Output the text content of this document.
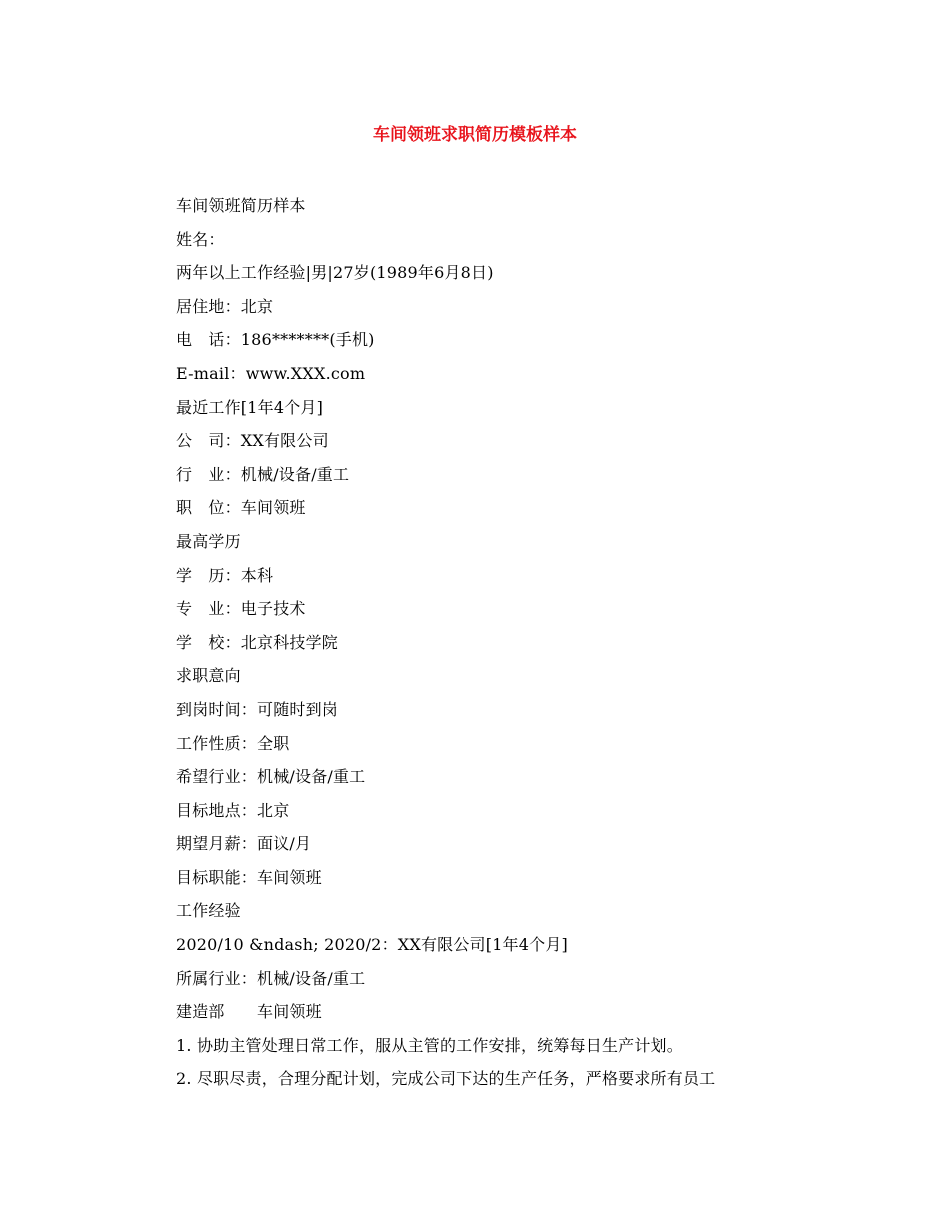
车间领班求职简历模板样本
车间领班简历样本
姓名：
两年以上工作经验|男|27岁(1989年6月8日)
居住地：北京
电　话：186*******(手机)
E-mail：www.XXX.com
最近工作[1年4个月]
公　司：XX有限公司
行　业：机械/设备/重工
职　位：车间领班
最高学历
学　历：本科
专　业：电子技术
学　校：北京科技学院
求职意向
到岗时间：可随时到岗
工作性质：全职
希望行业：机械/设备/重工
目标地点：北京
期望月薪：面议/月
目标职能：车间领班
工作经验
2020/10 &ndash; 2020/2：XX有限公司[1年4个月]
所属行业：机械/设备/重工
建造部　　车间领班
1. 协助主管处理日常工作，服从主管的工作安排，统筹每日生产计划。
2. 尽职尽责，合理分配计划，完成公司下达的生产任务，严格要求所有员工
